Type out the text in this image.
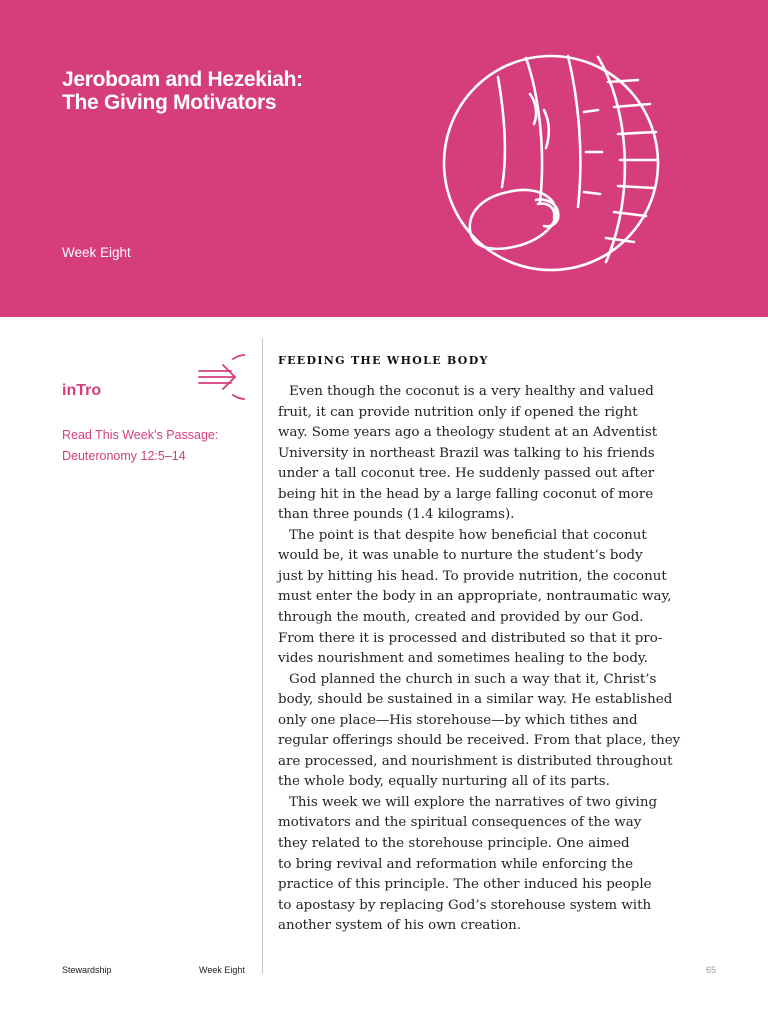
Jeroboam and Hezekiah:
The Giving Motivators
Week Eight
inTro
Read This Week’s Passage:
Deuteronomy 12:5–14
FEEDING THE WHOLE BODY
Even though the coconut is a very healthy and valued
fruit, it can provide nutrition only if opened the right
way. Some years ago a theology student at an Adventist
University in northeast Brazil was talking to his friends
under a tall coconut tree. He suddenly passed out after
being hit in the head by a large falling coconut of more
than three pounds (1.4 kilograms).
The point is that despite how beneficial that coconut
would be, it was unable to nurture the student’s body
just by hitting his head. To provide nutrition, the coconut
must enter the body in an appropriate, nontraumatic way,
through the mouth, created and provided by our God.
From there it is processed and distributed so that it pro-
vides nourishment and sometimes healing to the body.
God planned the church in such a way that it, Christ’s
body, should be sustained in a similar way. He established
only one place—His storehouse—by which tithes and
regular offerings should be received. From that place, they
are processed, and nourishment is distributed throughout
the whole body, equally nurturing all of its parts.
This week we will explore the narratives of two giving
motivators and the spiritual consequences of the way
they related to the storehouse principle. One aimed
to bring revival and reformation while enforcing the
practice of this principle. The other induced his people
to apostasy by replacing God’s storehouse system with
another system of his own creation.
Stewardship	Week Eight	65
